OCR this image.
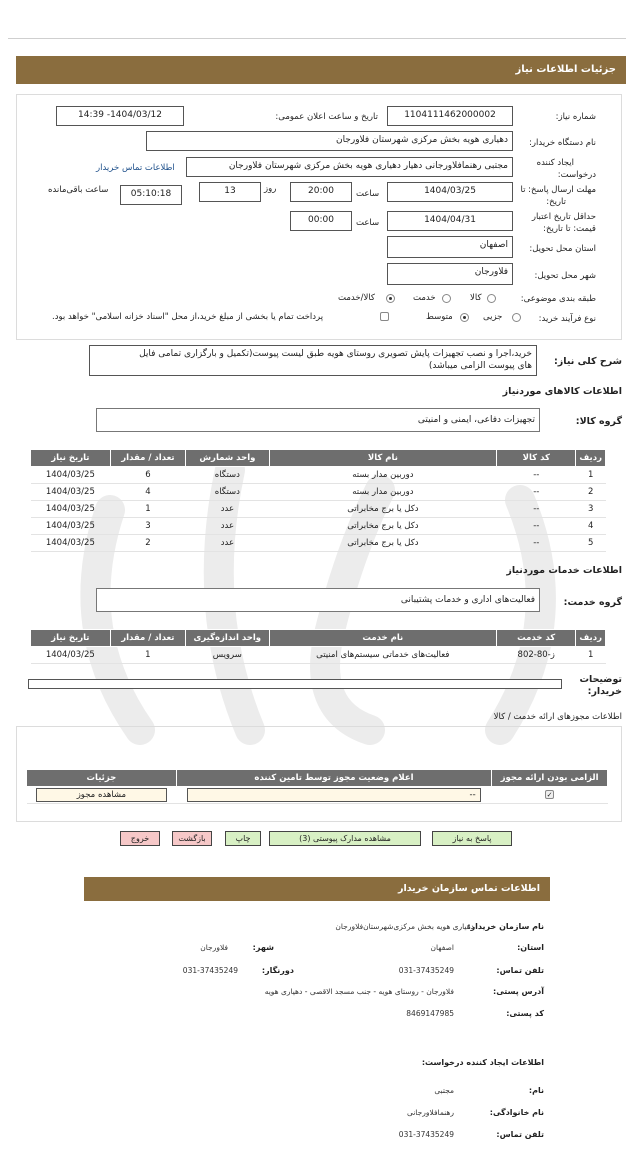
جزئیات اطلاعات نیاز
شماره نیاز:
1104111462000002
تاریخ و ساعت اعلان عمومی:
1404/03/12- 14:39
نام دستگاه خریدار:
دهیاری هویه بخش مرکزی شهرستان فلاورجان
ایجاد کننده
درخواست:
مجتبی رهنمافلاورجانی دهیار دهیاری هویه بخش مرکزی شهرستان فلاورجان
اطلاعات تماس خریدار
مهلت ارسال پاسخ: تا
تاریخ:
1404/03/25
ساعت
20:00
روز
13
05:10:18
ساعت باقی‌مانده
حداقل تاریخ اعتبار
قیمت: تا تاریخ:
1404/04/31
ساعت
00:00
استان محل تحویل:
اصفهان
شهر محل تحویل:
فلاورجان
طبقه بندی موضوعی:
کالا
خدمت
کالا/خدمت
نوع فرآیند خرید:
جزیی
متوسط
پرداخت تمام یا بخشی از مبلغ خرید،از محل "اسناد خزانه اسلامی" خواهد بود.
شرح کلی نیاز:
خرید،اجرا و نصب تجهیزات پایش تصویری روستای هویه طبق لیست پیوست(تکمیل و بارگزاری تمامی فایل
های پیوست الزامی میباشد)
اطلاعات کالاهای موردنیاز
گروه کالا:
تجهیزات دفاعی، ایمنی و امنیتی
ردیف	کد کالا	نام کالا	واحد شمارش	تعداد / مقدار	تاریخ نیاز
1	--	دوربین مدار بسته	دستگاه	6	1404/03/25
2	--	دوربین مدار بسته	دستگاه	4	1404/03/25
3	--	دکل یا برج مخابراتی	عدد	1	1404/03/25
4	--	دکل یا برج مخابراتی	عدد	3	1404/03/25
5	--	دکل یا برج مخابراتی	عدد	2	1404/03/25
اطلاعات خدمات موردنیاز
گروه خدمت:
فعالیت‌های اداری و خدمات پشتیبانی
ردیف	کد خدمت	نام خدمت	واحد اندازه‌گیری	تعداد / مقدار	تاریخ نیاز
1	ز-80-802	فعالیت‌های خدماتی سیستم‌های امنیتی	سرویس	1	1404/03/25
توضیحات
خریدار:
اطلاعات مجوزهای ارائه خدمت / کالا
الزامی بودن ارائه مجوز	اعلام وضعیت مجوز توسط تامین کننده	جزئیات
✓	--	مشاهده مجوز
پاسخ به نیاز
مشاهده مدارک پیوستی (3)
چاپ
بازگشت
خروج
اطلاعات تماس سازمان خریدار
نام سازمان خریدار:
دهیاری هویه بخش مرکزی‌شهرستان‌فلاورجان
استان:
اصفهان
شهر:
فلاورجان
تلفن تماس:
031-37435249
دورنگار:
031-37435249
آدرس پستی:
فلاورجان - روستای هویه - جنب مسجد الاقصی - دهیاری هویه
کد پستی:
8469147985
اطلاعات ایجاد کننده درخواست:
نام:
مجتبی
نام خانوادگی:
رهنمافلاورجانی
تلفن تماس:
031-37435249
